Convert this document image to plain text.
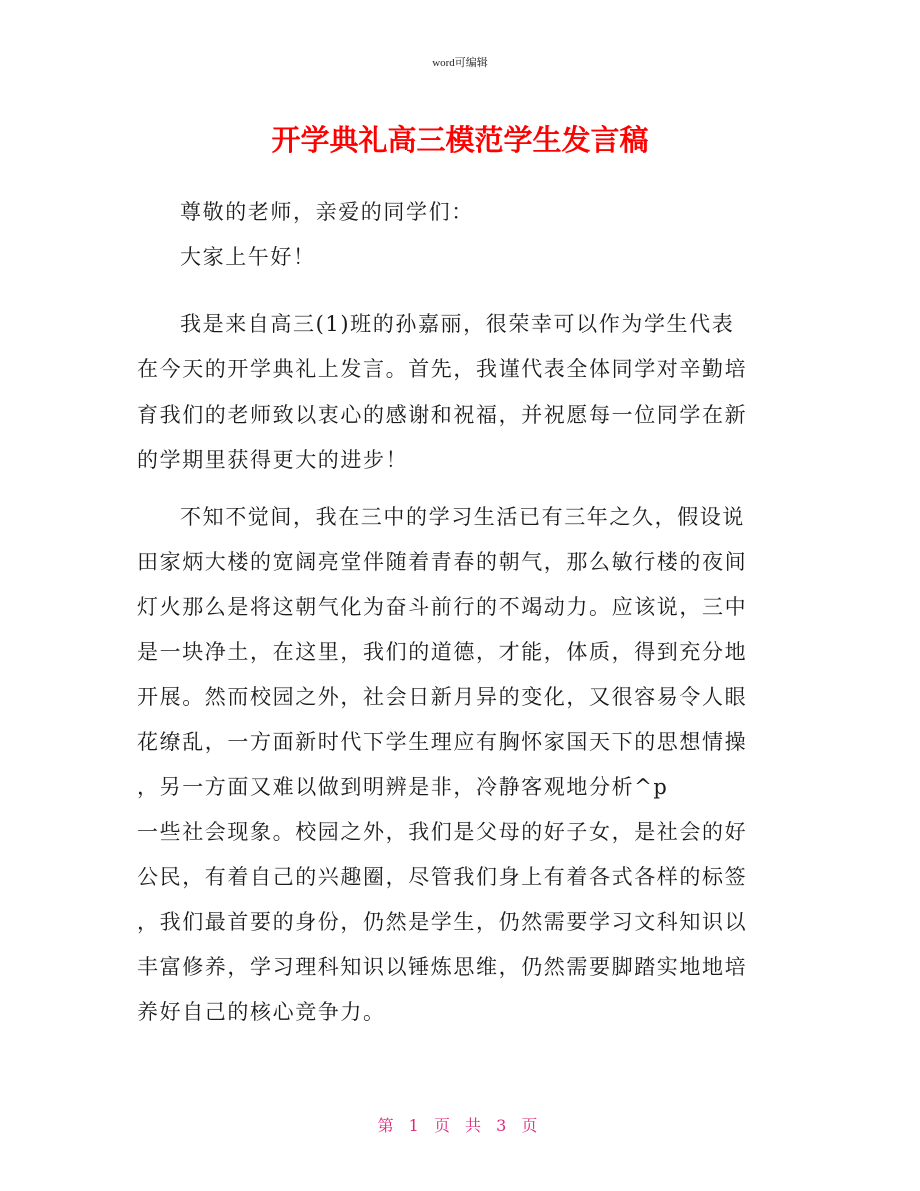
word可编辑
开学典礼高三模范学生发言稿
尊敬的老师，亲爱的同学们：
大家上午好！
我是来自高三(1)班的孙嘉丽，很荣幸可以作为学生代表
在今天的开学典礼上发言。首先，我谨代表全体同学对辛勤培
育我们的老师致以衷心的感谢和祝福，并祝愿每一位同学在新
的学期里获得更大的进步！
不知不觉间，我在三中的学习生活已有三年之久，假设说
田家炳大楼的宽阔亮堂伴随着青春的朝气，那么敏行楼的夜间
灯火那么是将这朝气化为奋斗前行的不竭动力。应该说，三中
是一块净土，在这里，我们的道德，才能，体质，得到充分地
开展。然而校园之外，社会日新月异的变化，又很容易令人眼
花缭乱，一方面新时代下学生理应有胸怀家国天下的思想情操
，另一方面又难以做到明辨是非，冷静客观地分析^p
一些社会现象。校园之外，我们是父母的好子女，是社会的好
公民，有着自己的兴趣圈，尽管我们身上有着各式各样的标签
，我们最首要的身份，仍然是学生，仍然需要学习文科知识以
丰富修养，学习理科知识以锤炼思维，仍然需要脚踏实地地培
养好自己的核心竞争力。
第 1 页 共 3 页
